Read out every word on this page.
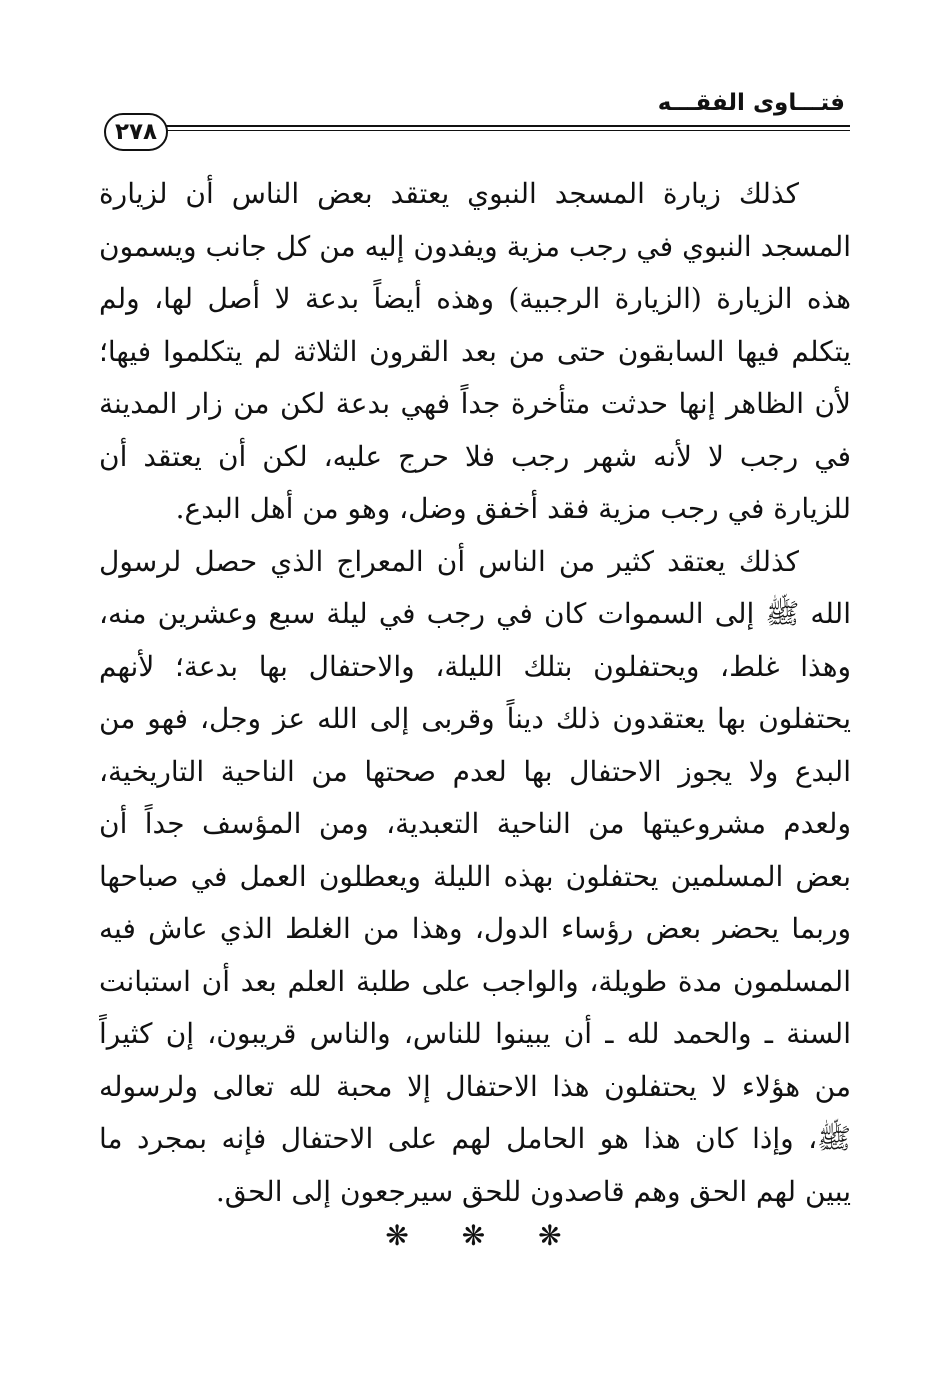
فتـــاوى الفقـــه
٢٧٨

كذلك زيارة المسجد النبوي يعتقد بعض الناس أن لزيارة
المسجد النبوي في رجب مزية ويفدون إليه من كل جانب ويسمون
هذه الزيارة (الزيارة الرجبية) وهذه أيضاً بدعة لا أصل لها، ولم
يتكلم فيها السابقون حتى من بعد القرون الثلاثة لم يتكلموا فيها؛
لأن الظاهر إنها حدثت متأخرة جداً فهي بدعة لكن من زار المدينة
في رجب لا لأنه شهر رجب فلا حرج عليه، لكن أن يعتقد أن
للزيارة في رجب مزية فقد أخفق وضل، وهو من أهل البدع.

كذلك يعتقد كثير من الناس أن المعراج الذي حصل لرسول
الله ﷺ إلى السموات كان في رجب في ليلة سبع وعشرين منه،
وهذا غلط، ويحتفلون بتلك الليلة، والاحتفال بها بدعة؛ لأنهم
يحتفلون بها يعتقدون ذلك ديناً وقربى إلى الله عز وجل، فهو من
البدع ولا يجوز الاحتفال بها لعدم صحتها من الناحية التاريخية،
ولعدم مشروعيتها من الناحية التعبدية، ومن المؤسف جداً أن
بعض المسلمين يحتفلون بهذه الليلة ويعطلون العمل في صباحها
وربما يحضر بعض رؤساء الدول، وهذا من الغلط الذي عاش فيه
المسلمون مدة طويلة، والواجب على طلبة العلم بعد أن استبانت
السنة ـ والحمد لله ـ أن يبينوا للناس، والناس قريبون، إن كثيراً
من هؤلاء لا يحتفلون هذا الاحتفال إلا محبة لله تعالى ولرسوله
ﷺ، وإذا كان هذا هو الحامل لهم على الاحتفال فإنه بمجرد ما
يبين لهم الحق وهم قاصدون للحق سيرجعون إلى الحق.

❋ ❋ ❋
